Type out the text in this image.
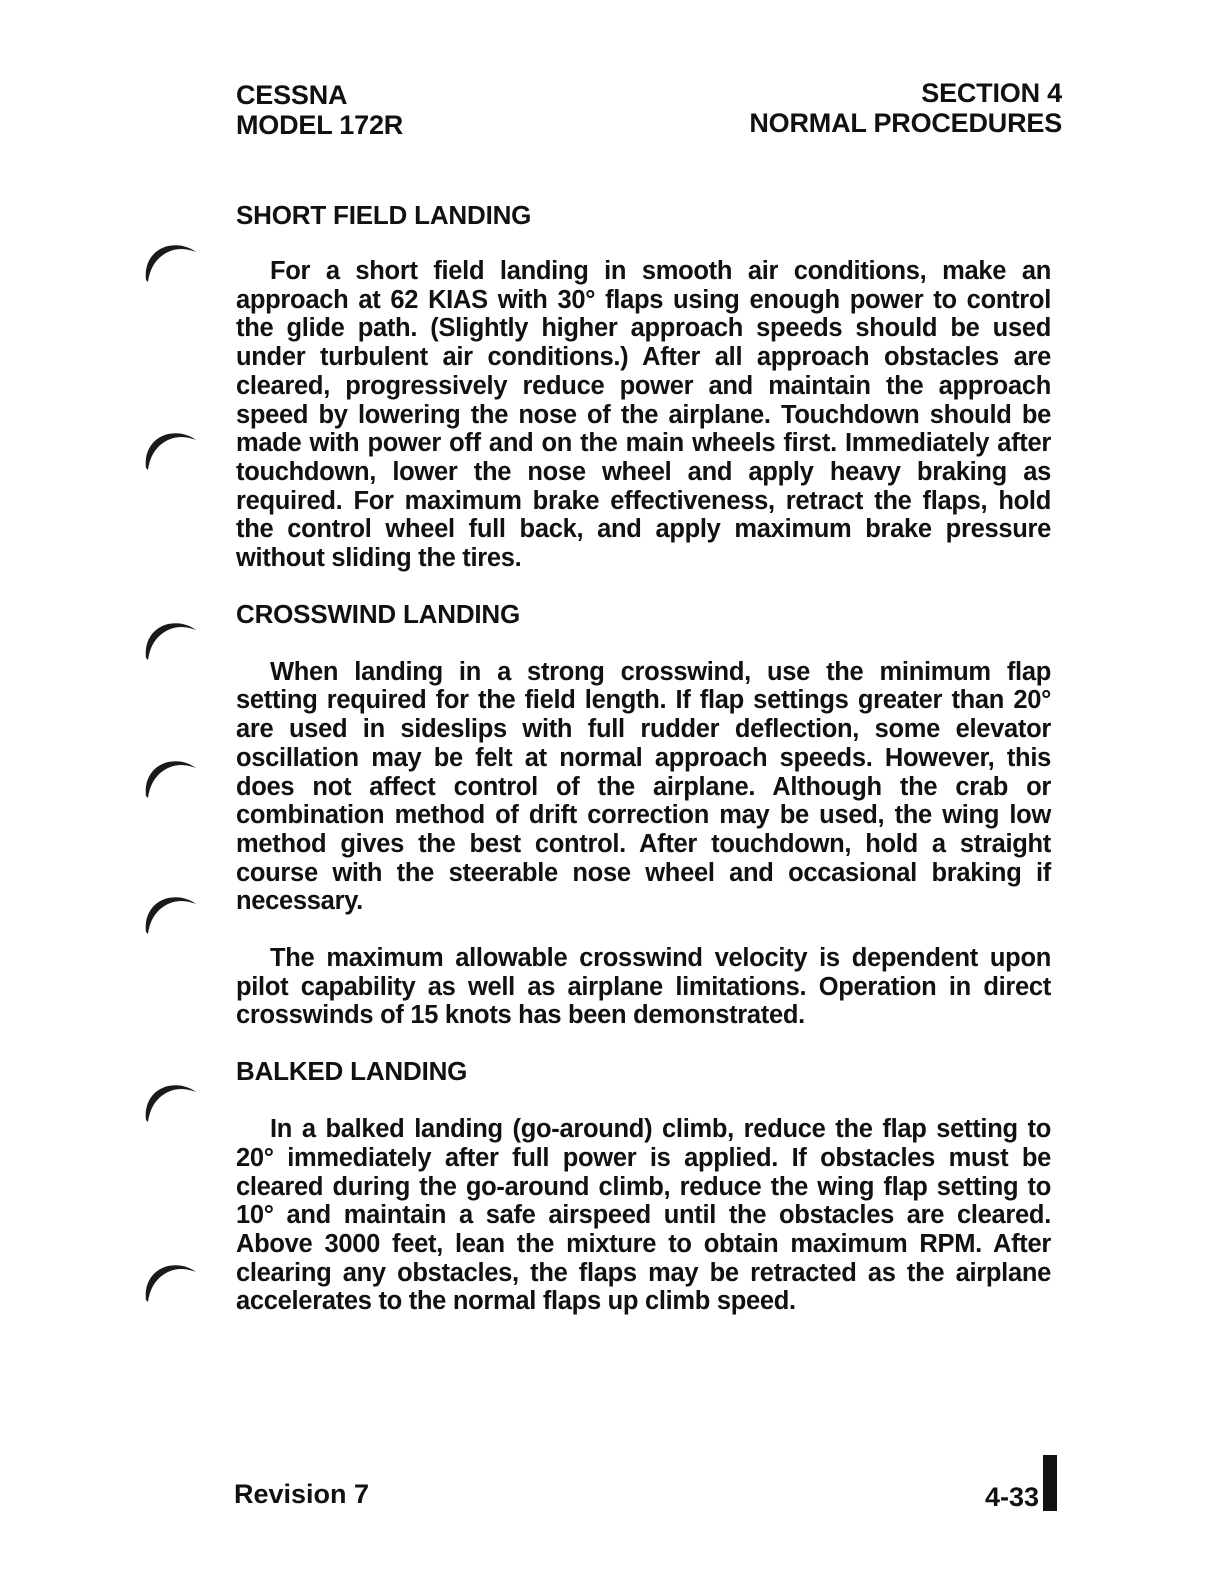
CESSNA
MODEL 172R
SECTION 4
NORMAL PROCEDURES
SHORT FIELD LANDING

For a short field landing in smooth air conditions, make an approach at 62 KIAS with 30° flaps using enough power to control the glide path. (Slightly higher approach speeds should be used under turbulent air conditions.) After all approach obstacles are cleared, progressively reduce power and maintain the approach speed by lowering the nose of the airplane. Touchdown should be made with power off and on the main wheels first. Immediately after touchdown, lower the nose wheel and apply heavy braking as required. For maximum brake effectiveness, retract the flaps, hold the control wheel full back, and apply maximum brake pressure without sliding the tires.

CROSSWIND LANDING

When landing in a strong crosswind, use the minimum flap setting required for the field length. If flap settings greater than 20° are used in sideslips with full rudder deflection, some elevator oscillation may be felt at normal approach speeds. However, this does not affect control of the airplane. Although the crab or combination method of drift correction may be used, the wing low method gives the best control. After touchdown, hold a straight course with the steerable nose wheel and occasional braking if necessary.

The maximum allowable crosswind velocity is dependent upon pilot capability as well as airplane limitations. Operation in direct crosswinds of 15 knots has been demonstrated.

BALKED LANDING

In a balked landing (go-around) climb, reduce the flap setting to 20° immediately after full power is applied. If obstacles must be cleared during the go-around climb, reduce the wing flap setting to 10° and maintain a safe airspeed until the obstacles are cleared. Above 3000 feet, lean the mixture to obtain maximum RPM. After clearing any obstacles, the flaps may be retracted as the airplane accelerates to the normal flaps up climb speed.

Revision 7	4-33
